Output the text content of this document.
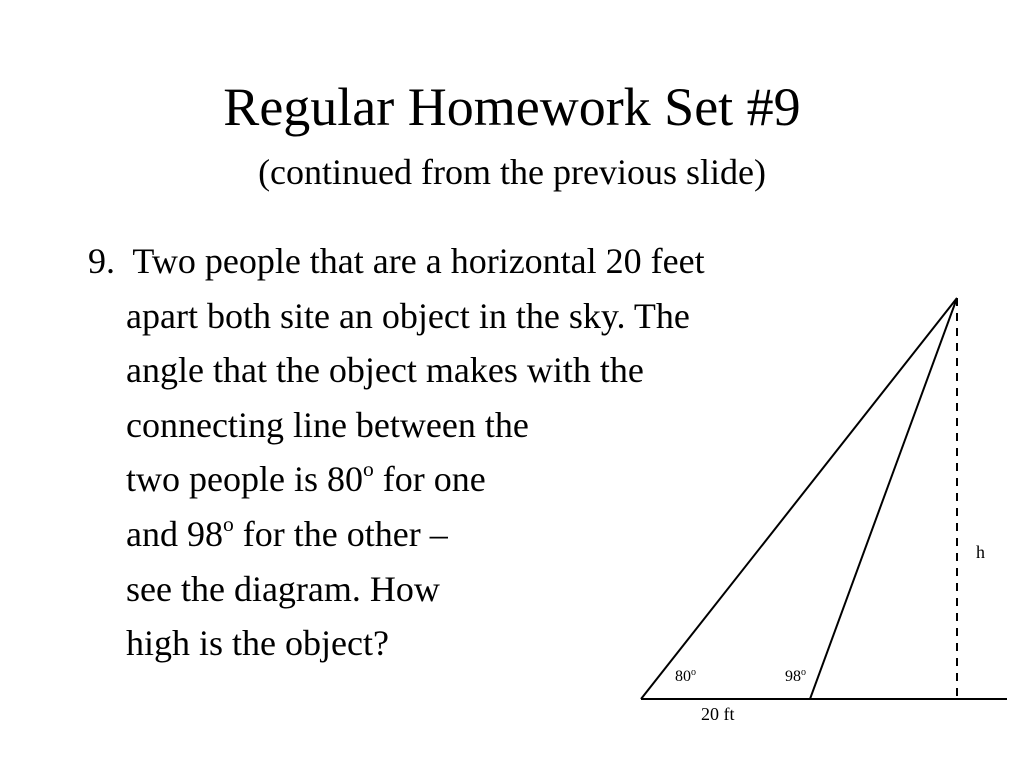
Regular Homework Set #9
(continued from the previous slide)
9. Two people that are a horizontal 20 feet
apart both site an object in the sky. The
angle that the object makes with the
connecting line between the
two people is 80$^o$ for one
and 98$^o$ for the other –
see the diagram. How
high is the object?
80$^o$	98$^o$
h
20 ft
